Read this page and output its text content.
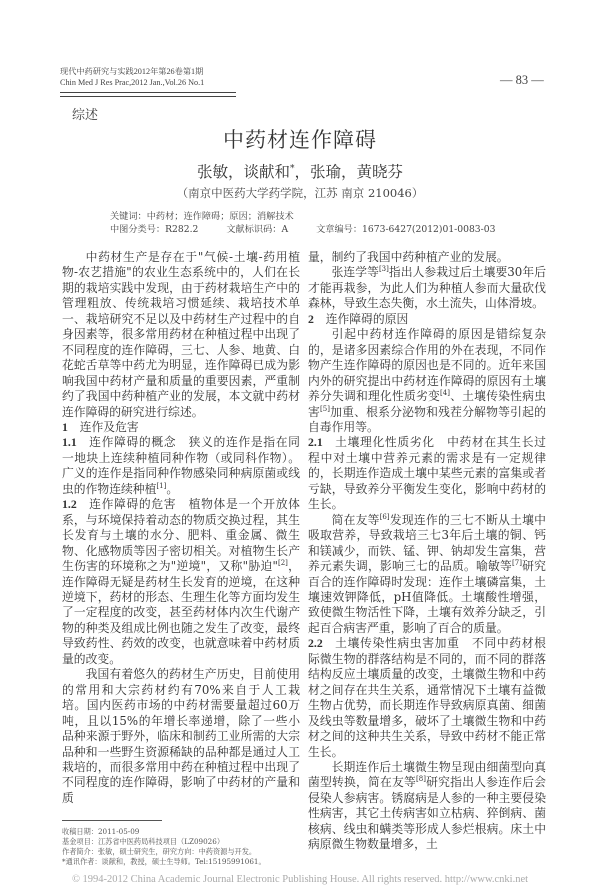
现代中药研究与实践2012年第26卷第1期
Chin Med J Res Prac,2012 Jan.,Vol.26 No.1	— 83 —
综述
中药材连作障碍
张敏，谈献和*，张瑜，黄晓芬
（南京中医药大学药学院，江苏 南京 210046）
关键词：中药材；连作障碍；原因；消解技术
中图分类号：R282.2	文献标识码：A	文章编号：1673-6427(2012)01-0083-03

中药材生产是存在于"气候-土壤-药用植物-农艺措施"的农业生态系统中的，人们在长期的栽培实践中发现，由于药材栽培生产中的管理粗放、传统栽培习惯延续、栽培技术单一、栽培研究不足以及中药材生产过程中的自身因素等，很多常用药材在种植过程中出现了不同程度的连作障碍，三七、人参、地黄、白花蛇舌草等中药尤为明显，连作障碍已成为影响我国中药材产量和质量的重要因素，严重制约了我国中药种植产业的发展，本文就中药材连作障碍的研究进行综述。

1  连作及危害

1.1  连作障碍的概念  狭义的连作是指在同一地块上连续种植同种作物（或同科作物）。广义的连作是指同种作物感染同种病原菌或线虫的作物连续种植[1]。

1.2  连作障碍的危害  植物体是一个开放体系，与环境保持着动态的物质交换过程，其生长发育与土壤的水分、肥料、重金属、微生物、化感物质等因子密切相关。对植物生长产生伤害的环境称之为"逆境"，又称"胁迫"[2]，连作障碍无疑是药材生长发育的逆境，在这种逆境下，药材的形态、生理生化等方面均发生了一定程度的改变，甚至药材体内次生代谢产物的种类及组成比例也随之发生了改变，最终导致药性、药效的改变，也就意味着中药材质量的改变。

我国有着悠久的药材生产历史，目前使用的常用和大宗药材约有70%来自于人工栽培。国内医药市场的中药材需要量超过60万吨，且以15%的年增长率递增，除了一些小品种来源于野外，临床和制药工业所需的大宗品种和一些野生资源稀缺的品种都是通过人工栽培的，而很多常用中药在种植过程中出现了不同程度的连作障碍，影响了中药材的产量和质

收稿日期：2011-05-09
基金项目：江苏省中医药局科技项目（LZ09026）
作者简介：张敏，硕士研究生，研究方向：中药资源与开发。
*通讯作者：谈献和，教授，硕士生导师。Tel:15195991061。

量，制约了我国中药种植产业的发展。

张连学等[3]指出人参栽过后土壤要30年后才能再栽参，为此人们为种植人参而大量砍伐森林，导致生态失衡，水土流失，山体滑坡。

2  连作障碍的原因

引起中药材连作障碍的原因是错综复杂的，是诸多因素综合作用的外在表现，不同作物产生连作障碍的原因也是不同的。近年来国内外的研究提出中药材连作障碍的原因有土壤养分失调和理化性质劣变[4]、土壤传染性病虫害[5]加重、根系分泌物和残茬分解物等引起的自毒作用等。

2.1  土壤理化性质劣化  中药材在其生长过程中对土壤中营养元素的需求是有一定规律的，长期连作造成土壤中某些元素的富集或者亏缺，导致养分平衡发生变化，影响中药材的生长。

简在友等[6]发现连作的三七不断从土壤中吸取营养，导致栽培三七3年后土壤的铜、钙和镁减少，而铁、锰、钾、钠却发生富集，营养元素失调，影响三七的品质。喻敏等[7]研究百合的连作障碍时发现：连作土壤磷富集，土壤速效钾降低，pH值降低。土壤酸性增强，致使微生物活性下降，土壤有效养分缺乏，引起百合病害严重，影响了百合的质量。

2.2  土壤传染性病虫害加重  不同中药材根际微生物的群落结构是不同的，而不同的群落结构反应土壤质量的改变，土壤微生物和中药材之间存在共生关系，通常情况下土壤有益微生物占优势，而长期连作导致病原真菌、细菌及线虫等数量增多，破坏了土壤微生物和中药材之间的这种共生关系，导致中药材不能正常生长。

长期连作后土壤微生物呈现由细菌型向真菌型转换，简在友等[8]研究指出人参连作后会侵染人参病害。锈腐病是人参的一种主要侵染性病害，其它土传病害如立枯病、猝倒病、菌核病、线虫和螨类等形成人参烂根病。床土中病原微生物数量增多，土

© 1994-2012 China Academic Journal Electronic Publishing House. All rights reserved. http://www.cnki.net
